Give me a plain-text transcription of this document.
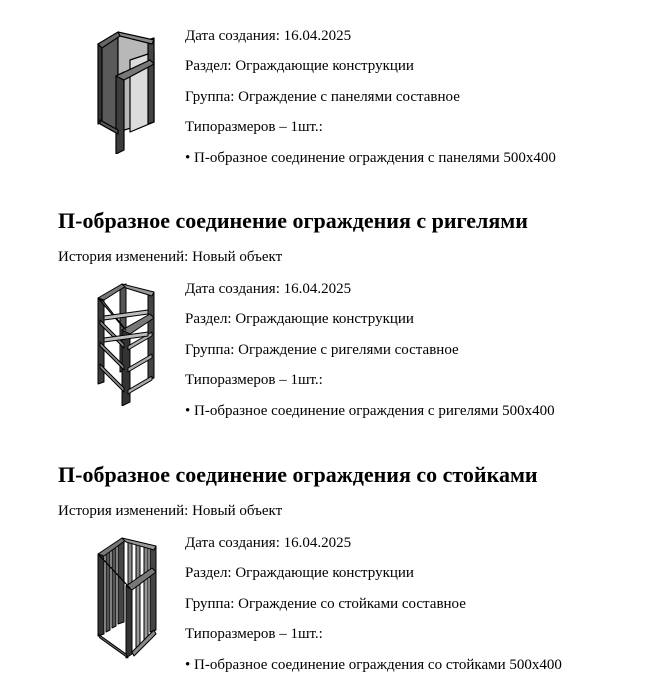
Дата создания: 16.04.2025
Раздел: Ограждающие конструкции
Группа: Ограждение с панелями составное
Типоразмеров – 1шт.:
• П-образное соединение ограждения с панелями 500х400
П-образное соединение ограждения с ригелями
История изменений: Новый объект
Дата создания: 16.04.2025
Раздел: Ограждающие конструкции
Группа: Ограждение с ригелями составное
Типоразмеров – 1шт.:
• П-образное соединение ограждения с ригелями 500х400
П-образное соединение ограждения со стойками
История изменений: Новый объект
Дата создания: 16.04.2025
Раздел: Ограждающие конструкции
Группа: Ограждение со стойками составное
Типоразмеров – 1шт.:
• П-образное соединение ограждения со стойками 500х400
